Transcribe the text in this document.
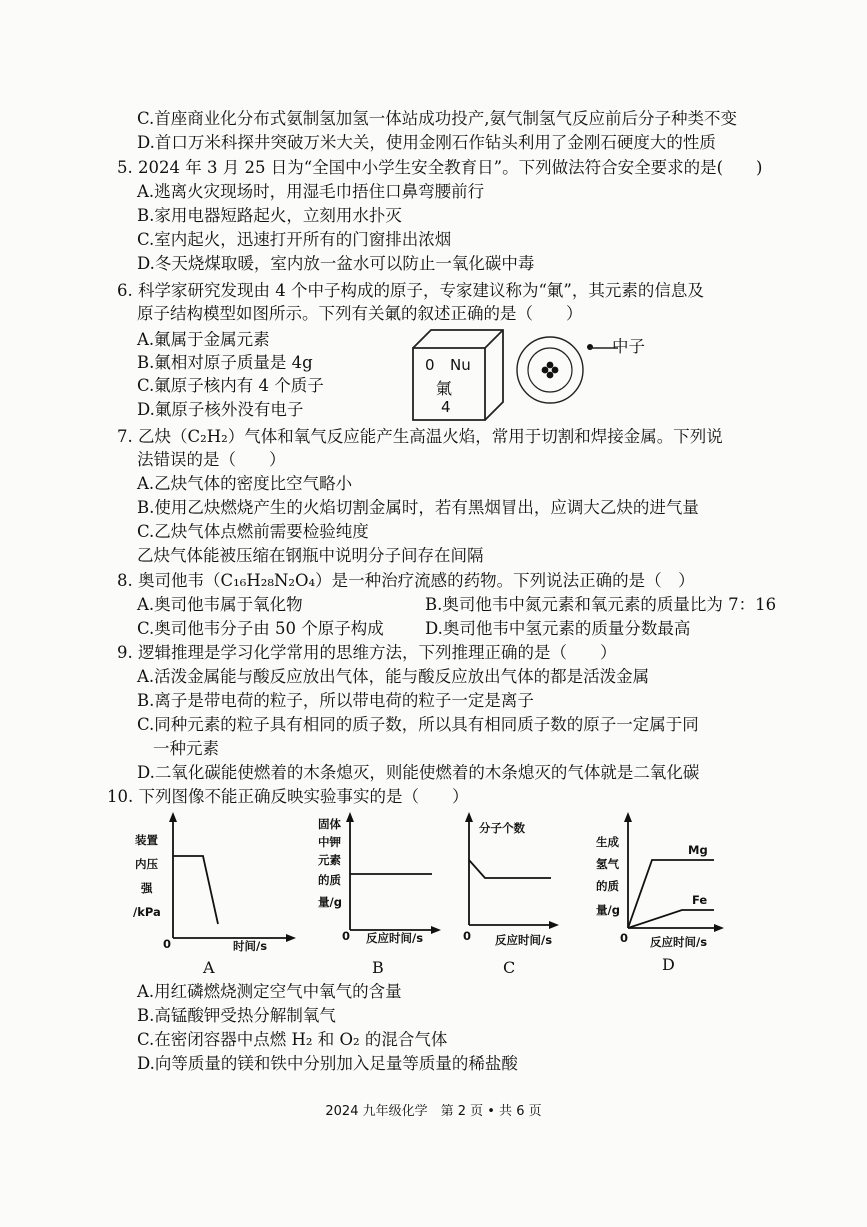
C.首座商业化分布式氨制氢加氢一体站成功投产,氨气制氢气反应前后分子种类不变
D.首口万米科探井突破万米大关，使用金刚石作钻头利用了金刚石硬度大的性质
5. 2024 年 3 月 25 日为“全国中小学生安全教育日”。下列做法符合安全要求的是(　　)
A.逃离火灾现场时，用湿毛巾捂住口鼻弯腰前行
B.家用电器短路起火，立刻用水扑灭
C.室内起火，迅速打开所有的门窗排出浓烟
D.冬天烧煤取暖，室内放一盆水可以防止一氧化碳中毒
6. 科学家研究发现由 4 个中子构成的原子，专家建议称为“氭”，其元素的信息及
原子结构模型如图所示。下列有关氭的叙述正确的是（　　）
A.氭属于金属元素
B.氭相对原子质量是 4g
C.氭原子核内有 4 个质子
D.氭原子核外没有电子
0 Nu
氭
4
中子
7. 乙炔（C₂H₂）气体和氧气反应能产生高温火焰，常用于切割和焊接金属。下列说
法错误的是（　　）
A.乙炔气体的密度比空气略小
B.使用乙炔燃烧产生的火焰切割金属时，若有黑烟冒出，应调大乙炔的进气量
C.乙炔气体点燃前需要检验纯度
乙炔气体能被压缩在钢瓶中说明分子间存在间隔
8. 奥司他韦（C₁₆H₂₈N₂O₄）是一种治疗流感的药物。下列说法正确的是（　）
A.奥司他韦属于氧化物	B.奥司他韦中氮元素和氧元素的质量比为 7：16
C.奥司他韦分子由 50 个原子构成 D.奥司他韦中氢元素的质量分数最高
9. 逻辑推理是学习化学常用的思维方法，下列推理正确的是（　　）
A.活泼金属能与酸反应放出气体，能与酸反应放出气体的都是活泼金属
B.离子是带电荷的粒子，所以带电荷的粒子一定是离子
C.同种元素的粒子具有相同的质子数，所以具有相同质子数的原子一定属于同
一种元素
D.二氧化碳能使燃着的木条熄灭，则能使燃着的木条熄灭的气体就是二氧化碳
10. 下列图像不能正确反映实验事实的是（　　）
装置
内压
强
/kPa
0	时间/s
A
固体
中钾
元素
的质
量/g
0 反应时间/s
B
分子个数
0 反应时间/s
C
生成
氢气
的质
量/g
0 反应时间/s
Mg
Fe
D
A.用红磷燃烧测定空气中氧气的含量
B.高锰酸钾受热分解制氧气
C.在密闭容器中点燃 H₂ 和 O₂ 的混合气体
D.向等质量的镁和铁中分别加入足量等质量的稀盐酸
2024 九年级化学　第 2 页 • 共 6 页
